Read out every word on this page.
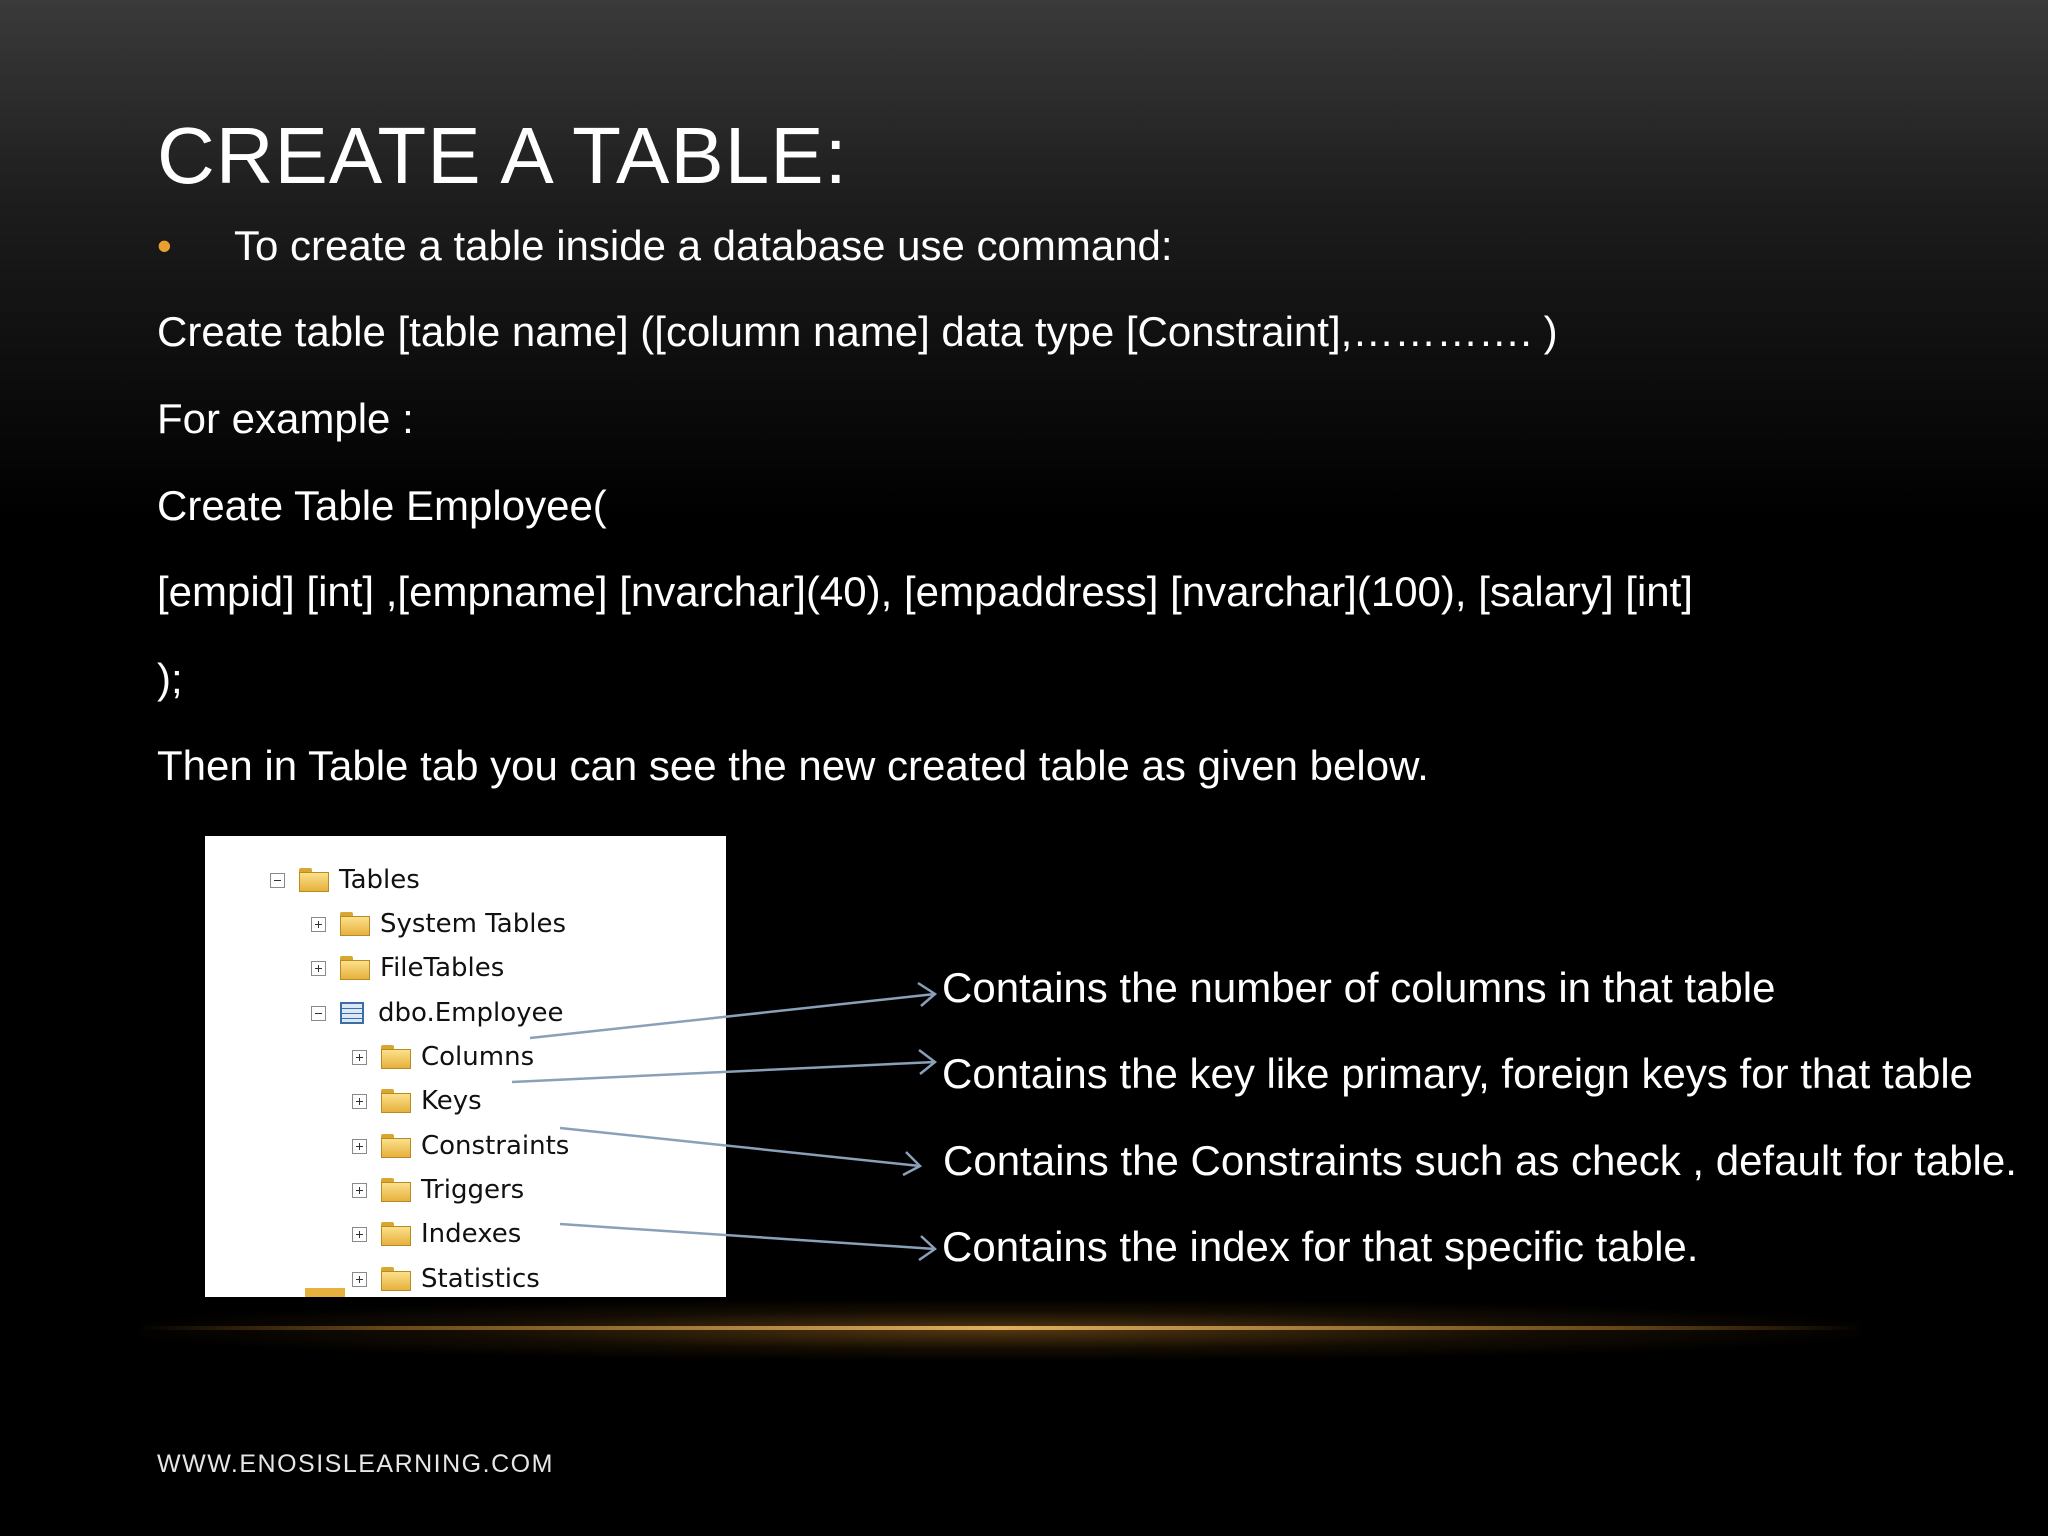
CREATE A TABLE:
• To create a table inside a database use command:
Create table [table name] ([column name] data type [Constraint],…………. )
For example :
Create Table Employee(
[empid] [int] ,[empname] [nvarchar](40), [empaddress] [nvarchar](100), [salary] [int]
);
Then in Table tab you can see the new created table as given below.
Tables
System Tables
FileTables
dbo.Employee
Columns
Keys
Constraints
Triggers
Indexes
Statistics
Contains the number of columns in that table
Contains the key like primary, foreign keys for that table
Contains the Constraints such as check , default for table.
Contains the index for that specific table.
WWW.ENOSISLEARNING.COM
